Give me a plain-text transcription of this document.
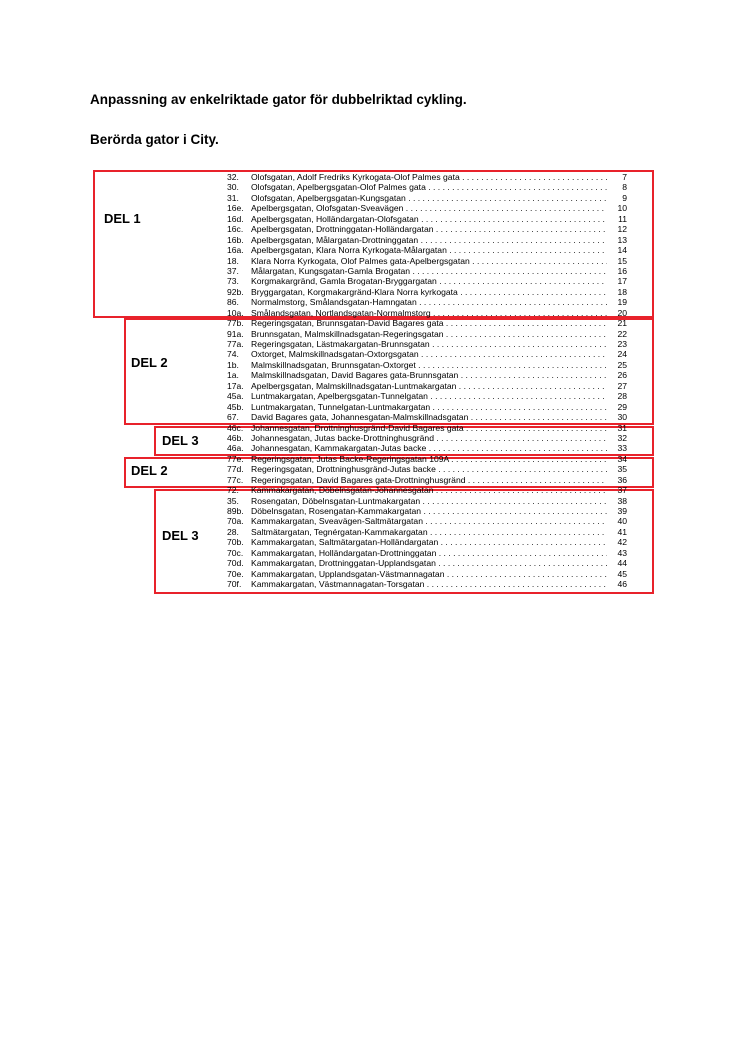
Anpassning av enkelriktade gator för dubbelriktad cykling.
Berörda gator i City.
DEL 1
DEL 2
DEL 3
DEL 2
DEL 3
32. Olofsgatan, Adolf Fredriks Kyrkogata-Olof Palmes gata . . .	7
30. Olofsgatan, Apelbergsgatan-Olof Palmes gata . . .	8
31. Olofsgatan, Apelbergsgatan-Kungsgatan . . .	9
16e. Apelbergsgatan, Olofsgatan-Sveavägen . . .	10
16d. Apelbergsgatan, Holländargatan-Olofsgatan . . .	11
16c. Apelbergsgatan, Drottninggatan-Holländargatan . . .	12
16b. Apelbergsgatan, Målargatan-Drottninggatan . . .	13
16a. Apelbergsgatan, Klara Norra Kyrkogata-Målargatan . . .	14
18. Klara Norra Kyrkogata, Olof Palmes gata-Apelbergsgatan . . .	15
37. Målargatan, Kungsgatan-Gamla Brogatan . . .	16
73. Korgmakargränd, Gamla Brogatan-Bryggargatan . . .	17
92b. Bryggargatan, Korgmakargränd-Klara Norra kyrkogata . . .	18
86. Normalmstorg, Smålandsgatan-Hamngatan . . .	19
10a. Smålandsgatan, Nortlandsgatan-Normalmstorg . . .	20
77b. Regeringsgatan, Brunnsgatan-David Bagares gata . . .	21
91a. Brunnsgatan, Malmskillnadsgatan-Regeringsgatan . . .	22
77a. Regeringsgatan, Lästmakargatan-Brunnsgatan . . .	23
74. Oxtorget, Malmskillnadsgatan-Oxtorgsgatan . . .	24
1b. Malmskillnadsgatan, Brunnsgatan-Oxtorget . . .	25
1a. Malmskillnadsgatan, David Bagares gata-Brunnsgatan . . .	26
17a. Apelbergsgatan, Malmskillnadsgatan-Luntmakargatan . . .	27
45a. Luntmakargatan, Apelbergsgatan-Tunnelgatan . . .	28
45b. Luntmakargatan, Tunnelgatan-Luntmakargatan . . .	29
67. David Bagares gata, Johannesgatan-Malmskillnadsgatan . . .	30
46c. Johannesgatan, Drottninghusgränd-David Bagares gata . . .	31
46b. Johannesgatan, Jutas backe-Drottninghusgränd . . .	32
46a. Johannesgatan, Kammakargatan-Jutas backe . . .	33
77e. Regeringsgatan, Jutas Backe-Regeringsgatan 109A . . .	34
77d. Regeringsgatan, Drottninghusgränd-Jutas backe . . .	35
77c. Regeringsgatan, David Bagares gata-Drottninghusgränd . . .	36
72. Kammakargatan, Döbelnsgatan-Johannesgatan . . .	37
35. Rosengatan, Döbelnsgatan-Luntmakargatan . . .	38
89b. Döbelnsgatan, Rosengatan-Kammakargatan . . .	39
70a. Kammakargatan, Sveavägen-Saltmätargatan . . .	40
28. Saltmätargatan, Tegnérgatan-Kammakargatan . . .	41
70b. Kammakargatan, Saltmätargatan-Holländargatan . . .	42
70c. Kammakargatan, Holländargatan-Drottninggatan . . .	43
70d. Kammakargatan, Drottninggatan-Upplandsgatan . . .	44
70e. Kammakargatan, Upplandsgatan-Västmannagatan . . .	45
70f. Kammakargatan, Västmannagatan-Torsgatan . . .	46
